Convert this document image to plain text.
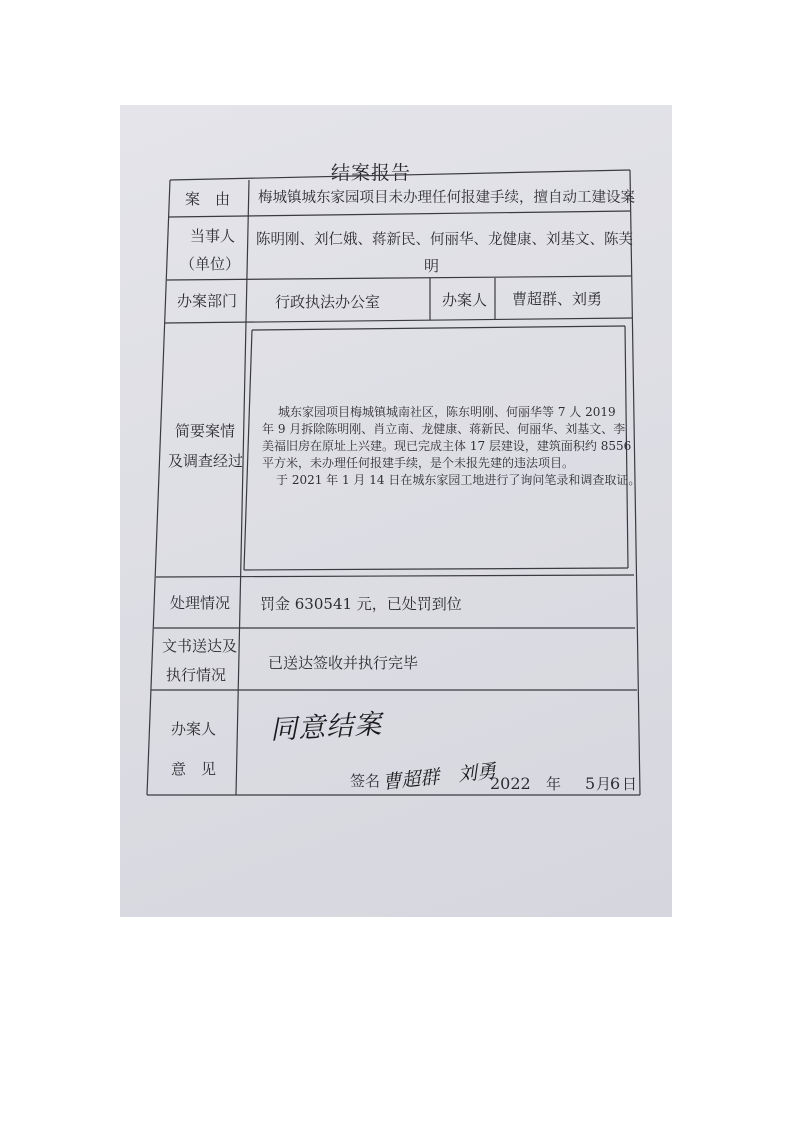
结案报告
案　由 梅城镇城东家园项目未办理任何报建手续，擅自动工建设案
当事人
（单位）
陈明刚、刘仁娥、蒋新民、何丽华、龙健康、刘基文、陈芙
明
办案部门	行政执法办公室	办案人 曹超群、刘勇
简要案情
及调查经过
城东家园项目梅城镇城南社区，陈东明刚、何丽华等 7 人 2019
年 9 月拆除陈明刚、肖立南、龙健康、蒋新民、何丽华、刘基文、李
美福旧房在原址上兴建。现已完成主体 17 层建设，建筑面积约 8556
平方米，未办理任何报建手续，是个未报先建的违法项目。
于 2021 年 1 月 14 日在城东家园工地进行了询问笔录和调查取证。
处理情况 罚金 630541 元，已处罚到位
文书送达及
执行情况
已送达签收并执行完毕
办案人
意　见
同意结案
签名 曹超群　刘勇
2022 年 5 月
6 日
